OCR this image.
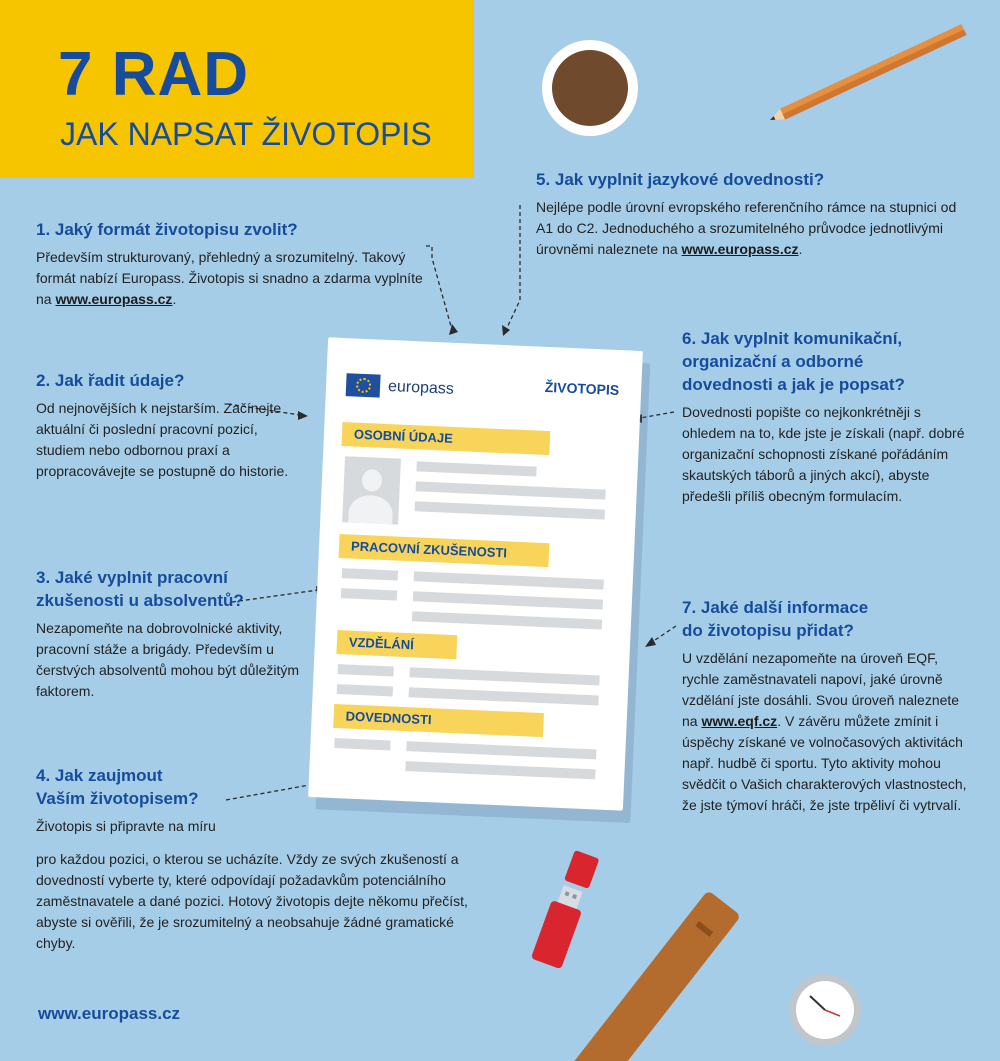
7 RAD
JAK NAPSAT ŽIVOTOPIS
europass	ŽIVOTOPIS
OSOBNÍ ÚDAJE
PRACOVNÍ ZKUŠENOSTI
VZDĚLÁNÍ
DOVEDNOSTI
1. Jaký formát životopisu zvolit?
Především strukturovaný, přehledný a srozumitelný. Takový formát nabízí Europass. Životopis si snadno a zdarma vyplníte na www.europass.cz.
2. Jak řadit údaje?
Od nejnovějších k nejstarším. Začínejte aktuální či poslední pracovní pozicí, studiem nebo odbornou praxí a propracovávejte se postupně do historie.
3. Jaké vyplnit pracovní
zkušenosti u absolventů?
Nezapomeňte na dobrovolnické aktivity, pracovní stáže a brigády. Především u čerstvých absolventů mohou být důležitým faktorem.
4. Jak zaujmout
Vaším životopisem?
Životopis si připravte na míru
pro každou pozici, o kterou se ucházíte. Vždy ze svých zkušeností a dovedností vyberte ty, které odpovídají požadavkům potenciálního zaměstnavatele a dané pozici. Hotový životopis dejte někomu přečíst, abyste si ověřili, že je srozumitelný a neobsahuje žádné gramatické chyby.
5. Jak vyplnit jazykové dovednosti?
Nejlépe podle úrovní evropského referenčního rámce na stupnici od A1 do C2. Jednoduchého a srozumitelného průvodce jednotlivými úrovněmi naleznete na www.europass.cz.
6. Jak vyplnit komunikační,
organizační a odborné
dovednosti a jak je popsat?
Dovednosti popište co nejkonkrétněji s ohledem na to, kde jste je získali (např. dobré organizační schopnosti získané pořádáním skautských táborů a jiných akcí), abyste předešli příliš obecným formulacím.
7. Jaké další informace
do životopisu přidat?
U vzdělání nezapomeňte na úroveň EQF, rychle zaměstnavateli napoví, jaké úrovně vzdělání jste dosáhli. Svou úroveň naleznete na www.eqf.cz. V závěru můžete zmínit i úspěchy získané ve volnočasových aktivitách např. hudbě či sportu. Tyto aktivity mohou svědčit o Vašich charakterových vlastnostech, že jste týmoví hráči, že jste trpěliví či vytrvalí.
www.europass.cz
